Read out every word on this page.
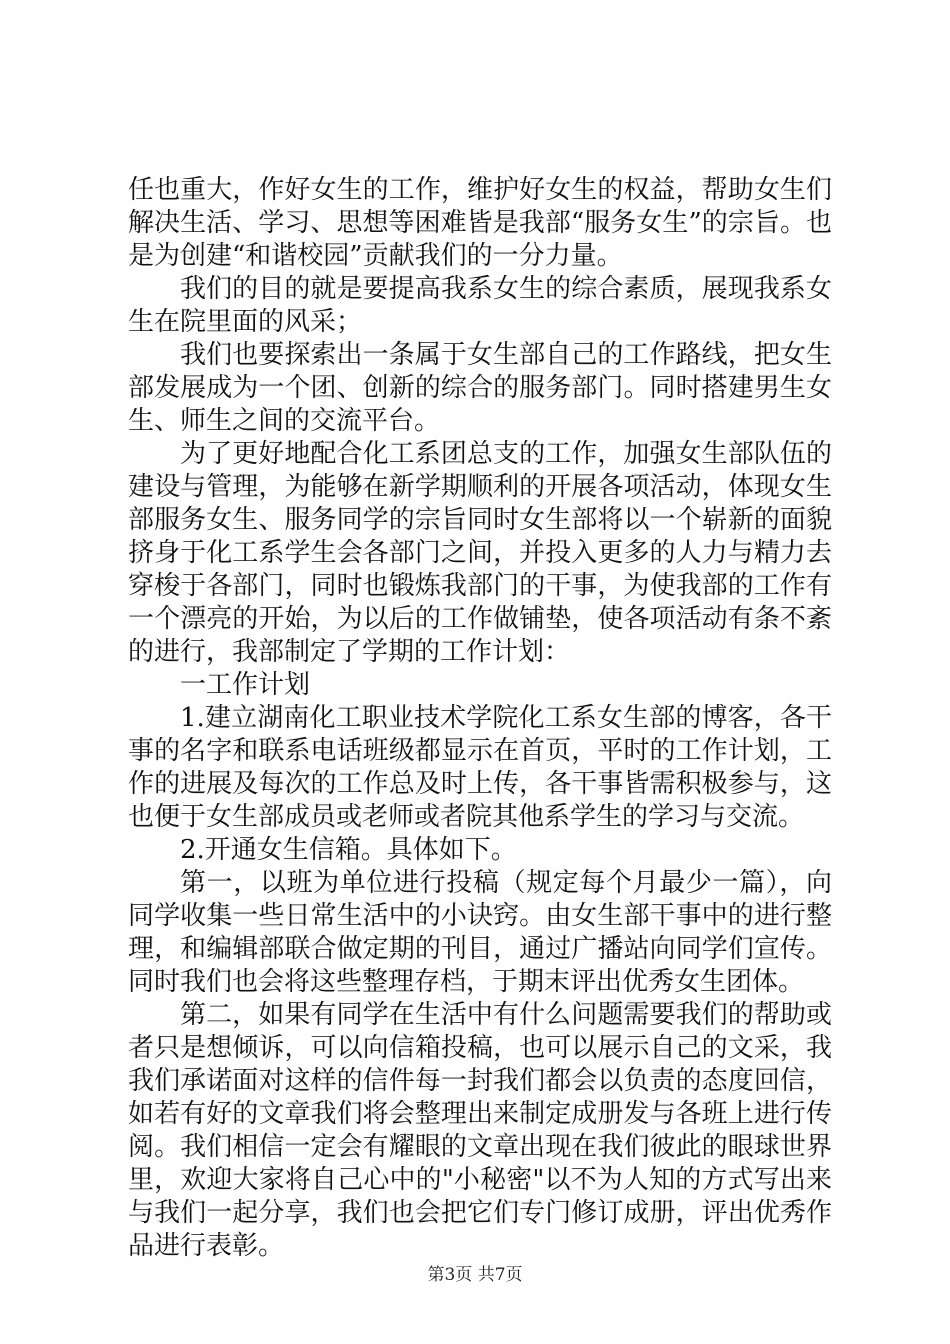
任也重大，作好女生的工作，维护好女生的权益，帮助女生们解决生活、学习、思想等困难皆是我部“服务女生”的宗旨。也是为创建“和谐校园”贡献我们的一分力量。

我们的目的就是要提高我系女生的综合素质，展现我系女生在院里面的风采；

我们也要探索出一条属于女生部自己的工作路线，把女生部发展成为一个团、创新的综合的服务部门。同时搭建男生女生、师生之间的交流平台。

为了更好地配合化工系团总支的工作，加强女生部队伍的建设与管理，为能够在新学期顺利的开展各项活动，体现女生部服务女生、服务同学的宗旨同时女生部将以一个崭新的面貌挤身于化工系学生会各部门之间，并投入更多的人力与精力去穿梭于各部门，同时也锻炼我部门的干事，为使我部的工作有一个漂亮的开始，为以后的工作做铺垫，使各项活动有条不紊的进行，我部制定了学期的工作计划：

一工作计划

1.建立湖南化工职业技术学院化工系女生部的博客，各干事的名字和联系电话班级都显示在首页，平时的工作计划，工作的进展及每次的工作总及时上传，各干事皆需积极参与，这也便于女生部成员或老师或者院其他系学生的学习与交流。

2.开通女生信箱。具体如下。

第一，以班为单位进行投稿（规定每个月最少一篇），向同学收集一些日常生活中的小诀窍。由女生部干事中的进行整理，和编辑部联合做定期的刊目，通过广播站向同学们宣传。同时我们也会将这些整理存档，于期末评出优秀女生团体。

第二，如果有同学在生活中有什么问题需要我们的帮助或者只是想倾诉，可以向信箱投稿，也可以展示自己的文采，我我们承诺面对这样的信件每一封我们都会以负责的态度回信，如若有好的文章我们将会整理出来制定成册发与各班上进行传阅。我们相信一定会有耀眼的文章出现在我们彼此的眼球世界里，欢迎大家将自己心中的"小秘密"以不为人知的方式写出来与我们一起分享，我们也会把它们专门修订成册，评出优秀作品进行表彰。

第3页 共7页
